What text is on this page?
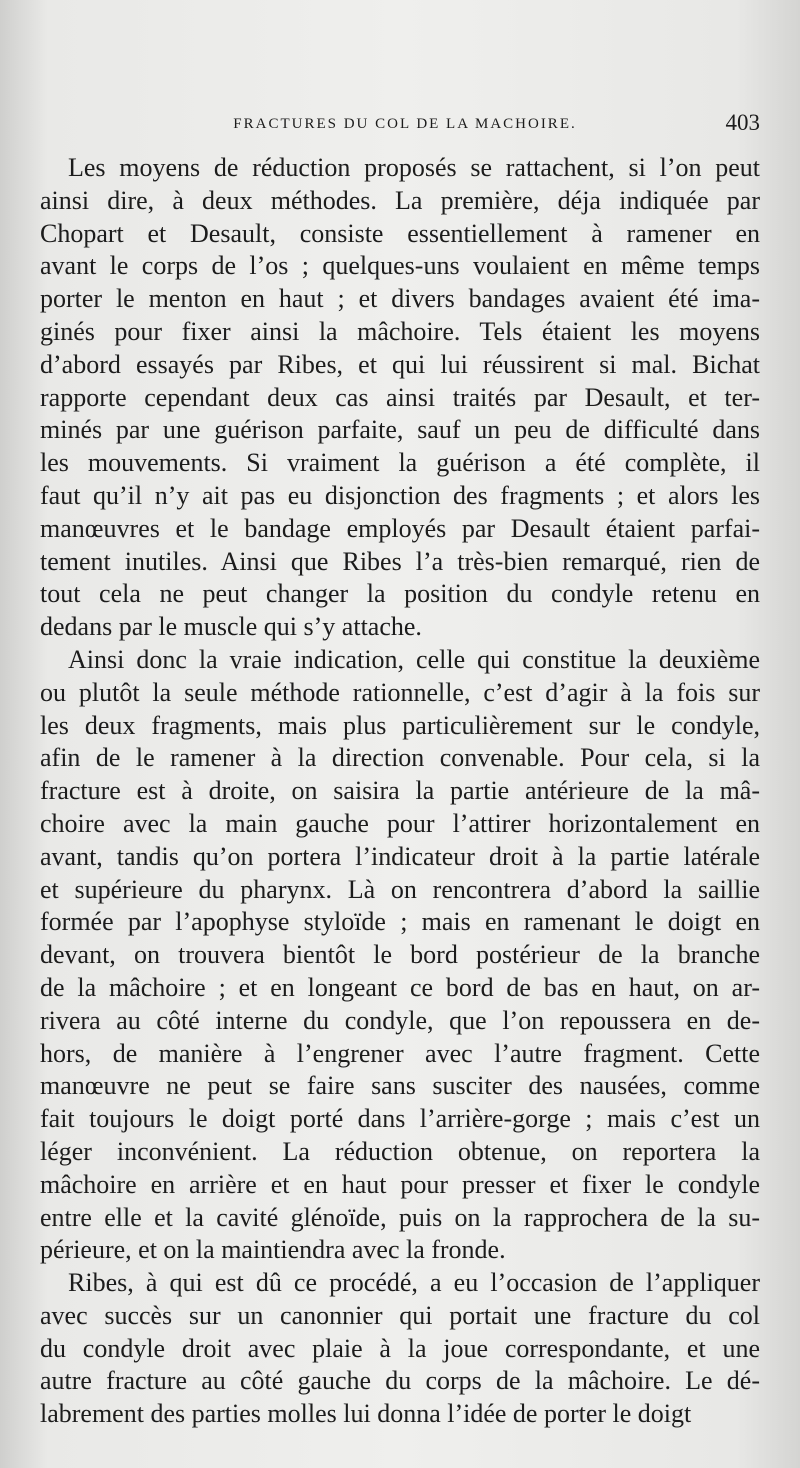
FRACTURES DU COL DE LA MACHOIRE.	403
Les moyens de réduction proposés se rattachent, si l’on peut
ainsi dire, à deux méthodes. La première, déja indiquée par
Chopart et Desault, consiste essentiellement à ramener en
avant le corps de l’os ; quelques-uns voulaient en même temps
porter le menton en haut ; et divers bandages avaient été ima-
ginés pour fixer ainsi la mâchoire. Tels étaient les moyens
d’abord essayés par Ribes, et qui lui réussirent si mal. Bichat
rapporte cependant deux cas ainsi traités par Desault, et ter-
minés par une guérison parfaite, sauf un peu de difficulté dans
les mouvements. Si vraiment la guérison a été complète, il
faut qu’il n’y ait pas eu disjonction des fragments ; et alors les
manœuvres et le bandage employés par Desault étaient parfai-
tement inutiles. Ainsi que Ribes l’a très-bien remarqué, rien de
tout cela ne peut changer la position du condyle retenu en
dedans par le muscle qui s’y attache.
Ainsi donc la vraie indication, celle qui constitue la deuxième
ou plutôt la seule méthode rationnelle, c’est d’agir à la fois sur
les deux fragments, mais plus particulièrement sur le condyle,
afin de le ramener à la direction convenable. Pour cela, si la
fracture est à droite, on saisira la partie antérieure de la mâ-
choire avec la main gauche pour l’attirer horizontalement en
avant, tandis qu’on portera l’indicateur droit à la partie latérale
et supérieure du pharynx. Là on rencontrera d’abord la saillie
formée par l’apophyse styloïde ; mais en ramenant le doigt en
devant, on trouvera bientôt le bord postérieur de la branche
de la mâchoire ; et en longeant ce bord de bas en haut, on ar-
rivera au côté interne du condyle, que l’on repoussera en de-
hors, de manière à l’engrener avec l’autre fragment. Cette
manœuvre ne peut se faire sans susciter des nausées, comme
fait toujours le doigt porté dans l’arrière-gorge ; mais c’est un
léger inconvénient. La réduction obtenue, on reportera la
mâchoire en arrière et en haut pour presser et fixer le condyle
entre elle et la cavité glénoïde, puis on la rapprochera de la su-
périeure, et on la maintiendra avec la fronde.
Ribes, à qui est dû ce procédé, a eu l’occasion de l’appliquer
avec succès sur un canonnier qui portait une fracture du col
du condyle droit avec plaie à la joue correspondante, et une
autre fracture au côté gauche du corps de la mâchoire. Le dé-
labrement des parties molles lui donna l’idée de porter le doigt
